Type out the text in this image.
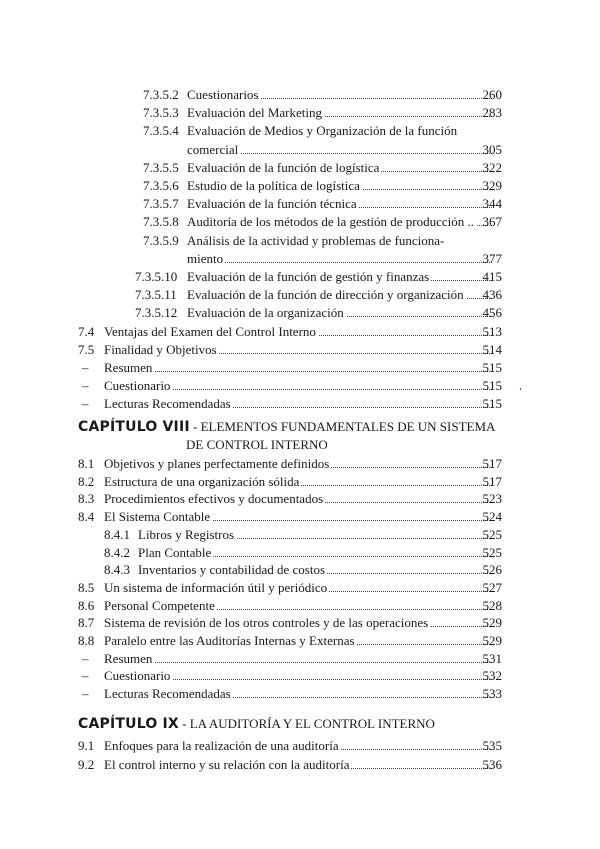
7.3.5.2 Cuestionarios	260
7.3.5.3 Evaluación del Marketing	283
7.3.5.4 Evaluación de Medios y Organización de la función
comercial	305
7.3.5.5 Evaluación de la función de logística	322
7.3.5.6 Estudio de la política de logística	329
7.3.5.7 Evaluación de la función técnica	344
7.3.5.8 Auditoría de los métodos de la gestión de producción .. 367
7.3.5.9 Análisis de la actividad y problemas de funciona-
miento	377
7.3.5.10 Evaluación de la función de gestión y finanzas	415
7.3.5.11 Evaluación de la función de dirección y organización	436
7.3.5.12 Evaluación de la organización	456
7.4 Ventajas del Examen del Control Interno	513
7.5 Finalidad y Objetivos	514
– Resumen	515
– Cuestionario	515
– Lecturas Recomendadas	515
‘
CAPÍTULO VIII - ELEMENTOS FUNDAMENTALES DE UN SISTEMA
DE CONTROL INTERNO
8.1 Objetivos y planes perfectamente definidos	517
8.2 Estructura de una organización sólida	517
8.3 Procedimientos efectivos y documentados	523
8.4 El Sistema Contable	524
8.4.1 Libros y Registros	525
8.4.2 Plan Contable	525
8.4.3 Inventarios y contabilidad de costos	526
8.5 Un sistema de información útil y periódico	527
8.6 Personal Competente	528
8.7 Sistema de revisión de los otros controles y de las operaciones	529
8.8 Paralelo entre las Auditorías Internas y Externas	529
– Resumen	531
– Cuestionario	532
– Lecturas Recomendadas	533
CAPÍTULO IX - LA AUDITORÍA Y EL CONTROL INTERNO
9.1 Enfoques para la realización de una auditoría	535
9.2 El control interno y su relación con la auditoría	536
